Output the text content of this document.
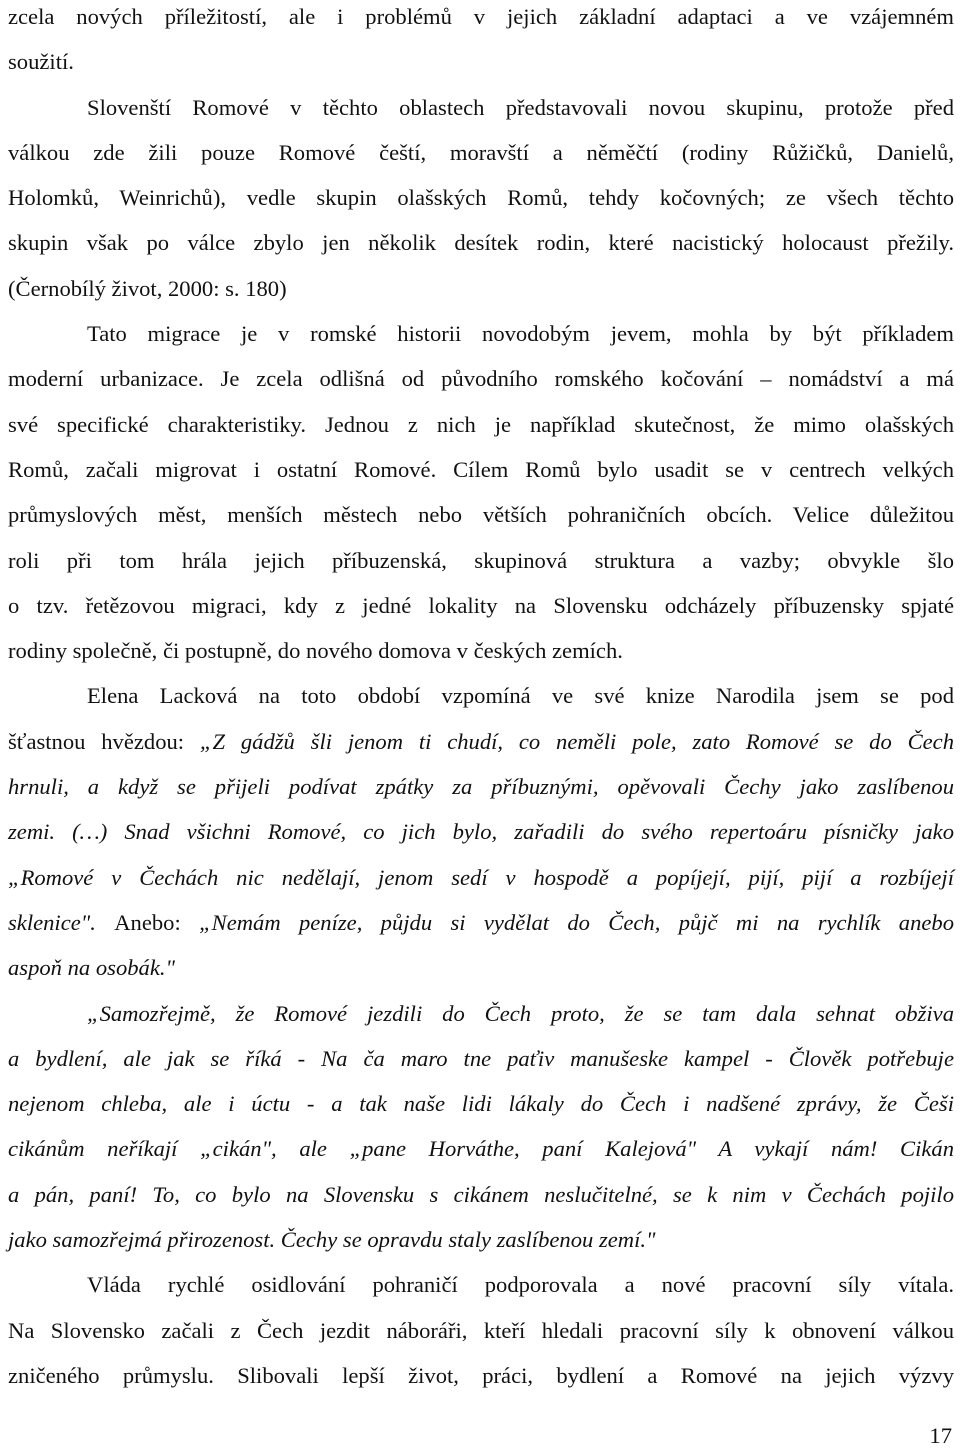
zcela nových příležitostí, ale i problémů v jejich základní adaptaci a ve vzájemném
soužití.
Slovenští Romové v těchto oblastech představovali novou skupinu, protože před
válkou zde žili pouze Romové čeští, moravští a něměčtí (rodiny Růžičků, Danielů,
Holomků, Weinrichů), vedle skupin olašských Romů, tehdy kočovných; ze všech těchto
skupin však po válce zbylo jen několik desítek rodin, které nacistický holocaust přežily.
(Černobílý život, 2000: s. 180)
Tato migrace je v romské historii novodobým jevem, mohla by být příkladem
moderní urbanizace. Je zcela odlišná od původního romského kočování – nomádství a má
své specifické charakteristiky. Jednou z nich je například skutečnost, že mimo olašských
Romů, začali migrovat i ostatní Romové. Cílem Romů bylo usadit se v centrech velkých
průmyslových měst, menších městech nebo větších pohraničních obcích. Velice důležitou
roli při tom hrála jejich příbuzenská, skupinová struktura a vazby; obvykle šlo
o tzv. řetězovou migraci, kdy z jedné lokality na Slovensku odcházely příbuzensky spjaté
rodiny společně, či postupně, do nového domova v českých zemích.
Elena Lacková na toto období vzpomíná ve své knize Narodila jsem se pod
šťastnou hvězdou: „Z gádžů šli jenom ti chudí, co neměli pole, zato Romové se do Čech
hrnuli, a když se přijeli podívat zpátky za příbuznými, opěvovali Čechy jako zaslíbenou
zemi. (…) Snad všichni Romové, co jich bylo, zařadili do svého repertoáru písničky jako
„Romové v Čechách nic nedělají, jenom sedí v hospodě a popíjejí, pijí, pijí a rozbíjejí
sklenice". Anebo: „Nemám peníze, půjdu si vydělat do Čech, půjč mi na rychlík anebo
aspoň na osobák."
„Samozřejmě, že Romové jezdili do Čech proto, že se tam dala sehnat obživa
a bydlení, ale jak se říká - Na ča maro tne paťiv manušeske kampel - Člověk potřebuje
nejenom chleba, ale i úctu - a tak naše lidi lákaly do Čech i nadšené zprávy, že Češi
cikánům neříkají „cikán", ale „pane Horváthe, paní Kalejová" A vykají nám! Cikán
a pán, paní! To, co bylo na Slovensku s cikánem neslučitelné, se k nim v Čechách pojilo
jako samozřejmá přirozenost. Čechy se opravdu staly zaslíbenou zemí."
Vláda rychlé osidlování pohraničí podporovala a nové pracovní síly vítala.
Na Slovensko začali z Čech jezdit náboráři, kteří hledali pracovní síly k obnovení válkou
zničeného průmyslu. Slibovali lepší život, práci, bydlení a Romové na jejich výzvy
17
